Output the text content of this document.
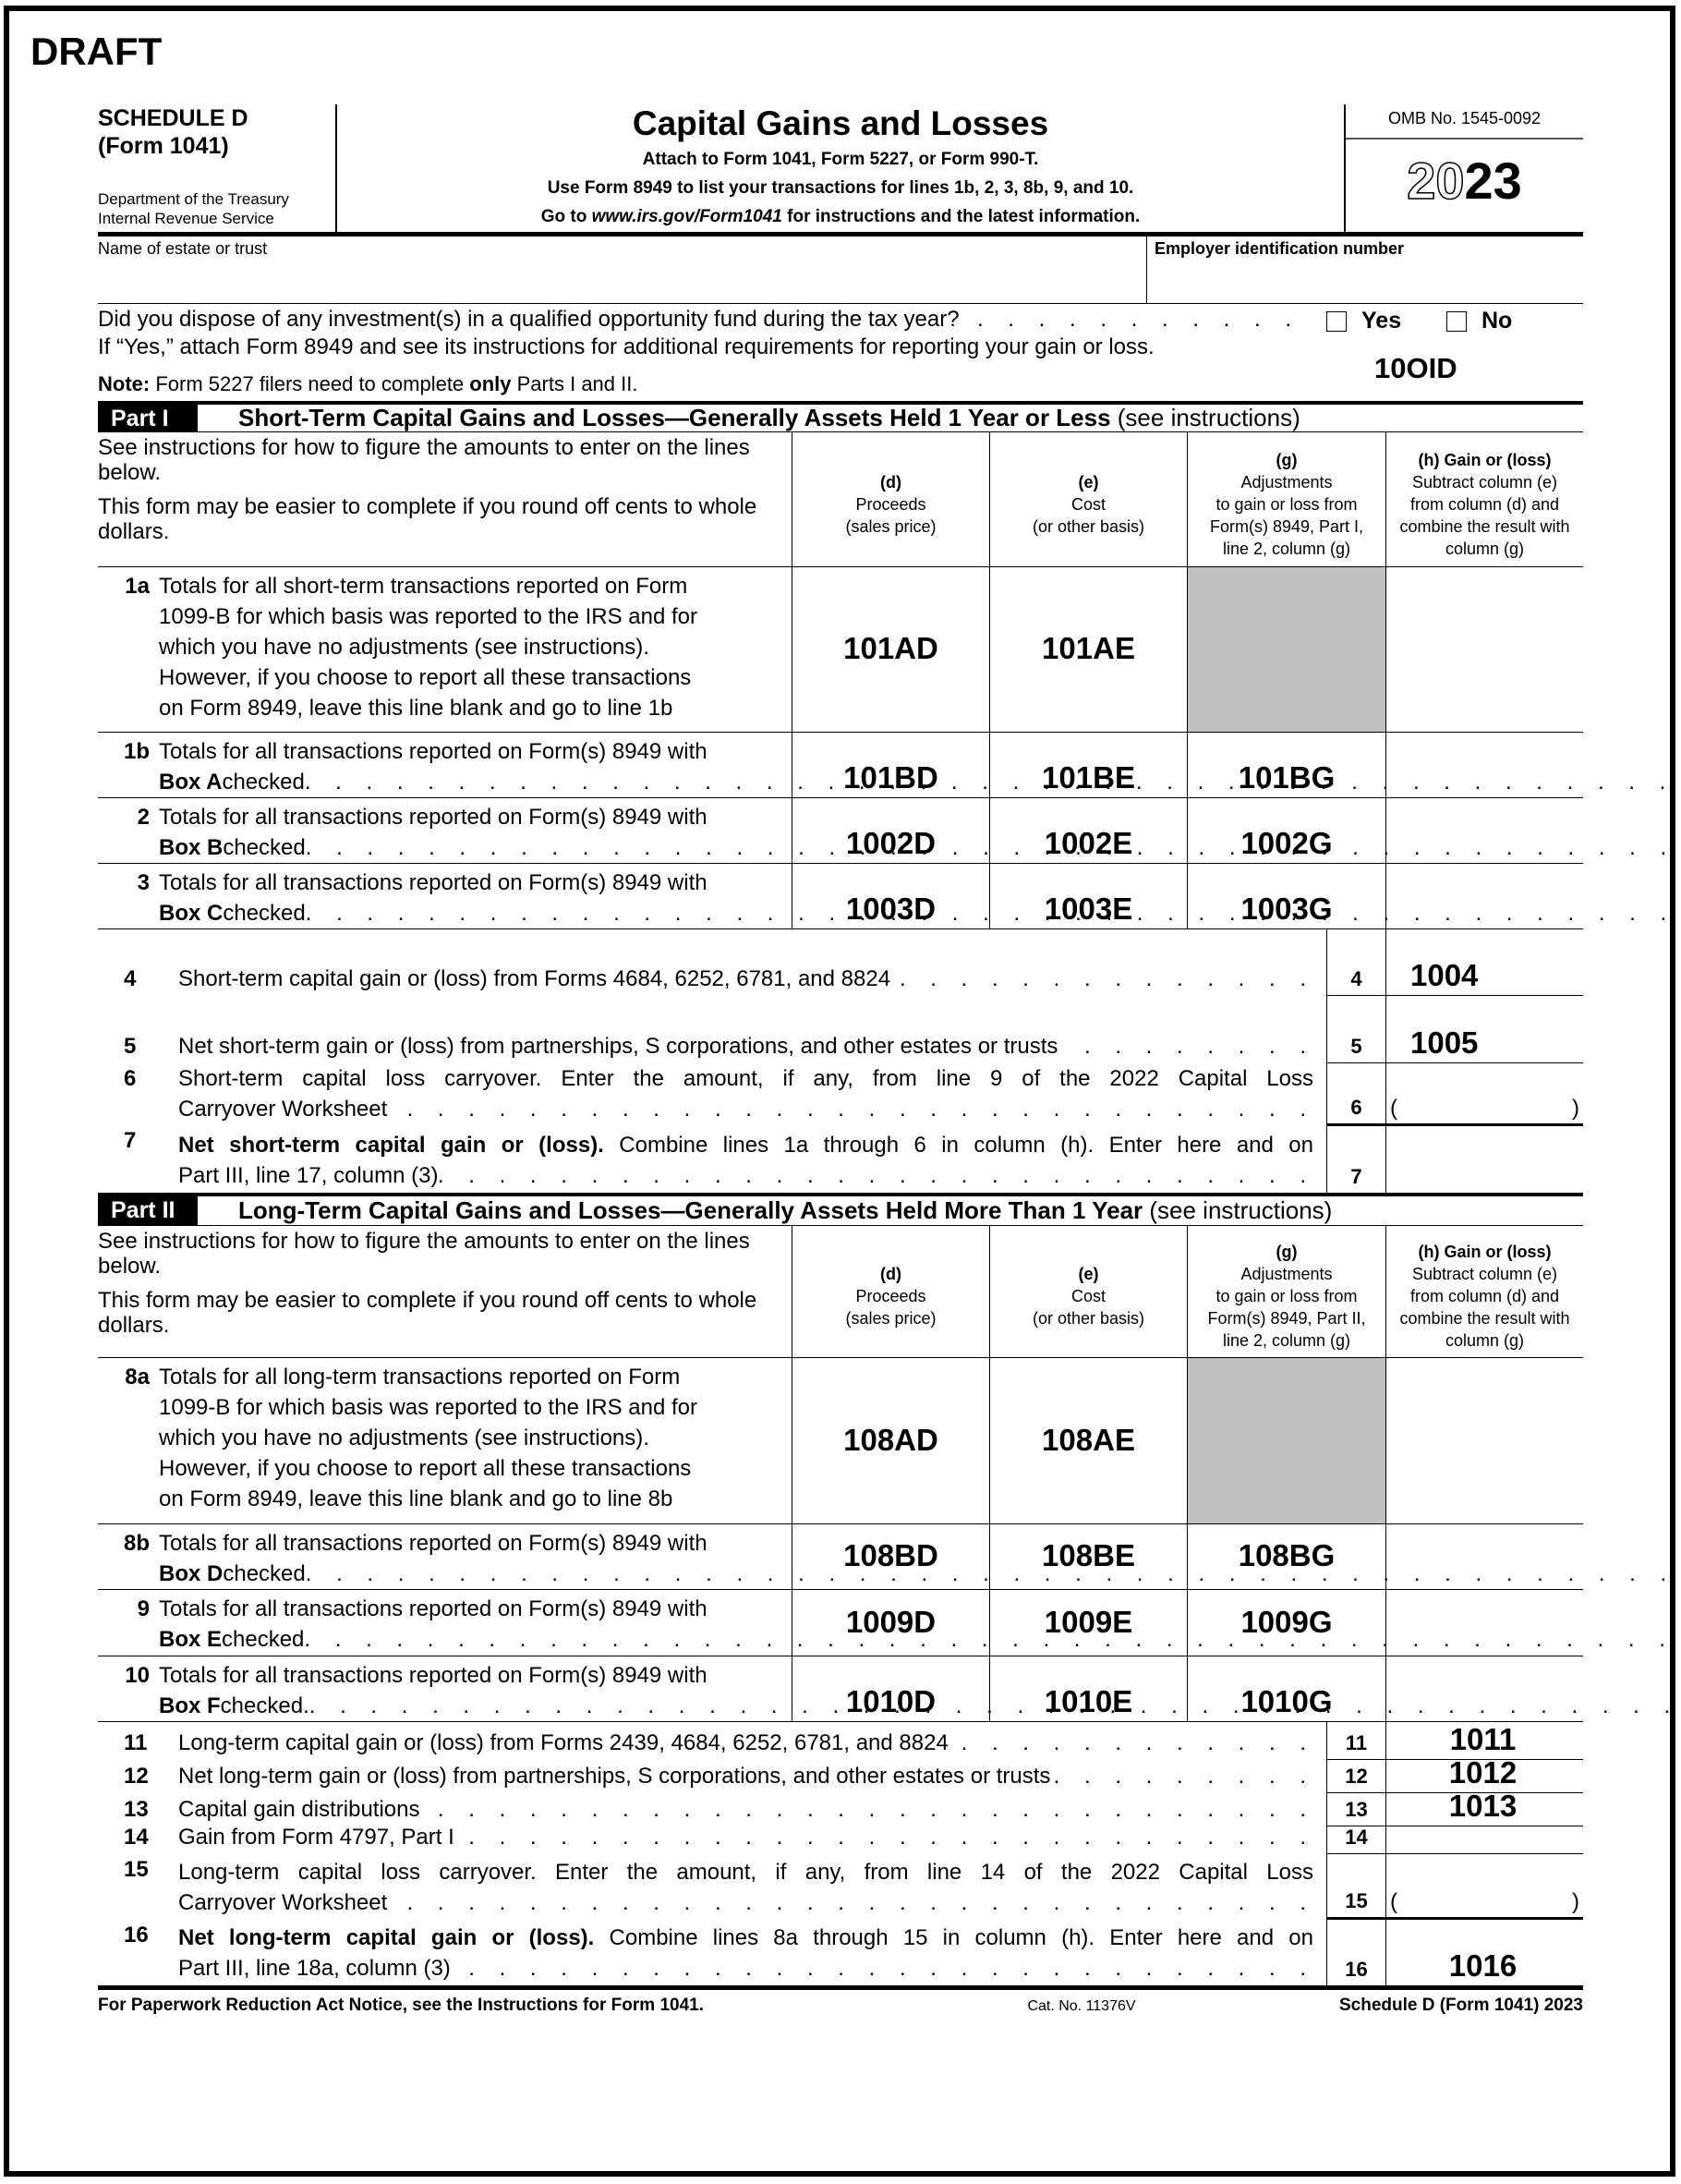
DRAFT
SCHEDULE D
(Form 1041)
Department of the Treasury
Internal Revenue Service
Capital Gains and Losses
Attach to Form 1041, Form 5227, or Form 990-T.
Use Form 8949 to list your transactions for lines 1b, 2, 3, 8b, 9, and 10.
Go to www.irs.gov/Form1041 for instructions and the latest information.
OMB No. 1545-0092
2023
Name of estate or trust	Employer identification number
Did you dispose of any investment(s) in a qualified opportunity fund during the tax year?
. . .
If “Yes,” attach Form 8949 and see its instructions for additional requirements for reporting your gain or loss.
Yes	No
10OID
Note: Form 5227 filers need to complete only Parts I and II.
Part I	Short-Term Capital Gains and Losses—Generally Assets Held 1 Year or Less (see instructions)

See instructions for how to figure the amounts to enter on the lines below.

This form may be easier to complete if you round off cents to whole dollars.

(d)
Proceeds
(sales price)
(e)
Cost
(or other basis)
(g)
Adjustments
to gain or loss from
Form(s) 8949, Part I,
line 2, column (g)
(h) Gain or (loss)
Subtract column (e)
from column (d) and
combine the result with
column (g)
1a Totals for all short-term transactions reported on Form
1099-B for which basis was reported to the IRS and for
which you have no adjustments (see instructions).
However, if you choose to report all these transactions
on Form 8949, leave this line blank and go to line 1b
101AD	101AE
1b Totals for all transactions reported on Form(s) 8949 with
Box A checked . . .	101BD	101BE	101BG
2 Totals for all transactions reported on Form(s) 8949 with
Box B checked . . .	1002D	1002E	1002G
3 Totals for all transactions reported on Form(s) 8949 with
Box C checked . . .	1003D	1003E	1003G
4	Short-term capital gain or (loss) from Forms 4684, 6252, 6781, and 8824 . . .	4	1004
5	Net short-term gain or (loss) from partnerships, S corporations, and other estates or trusts . . .	5	1005
6	Short-term capital loss carryover. Enter the amount, if any, from line 9 of the 2022 Capital Loss
Carryover Worksheet . . .	6	(	)
7	Net short-term capital gain or (loss). Combine lines 1a through 6 in column (h). Enter here and on
Part III, line 17, column (3) . . .	7
Part II	Long-Term Capital Gains and Losses—Generally Assets Held More Than 1 Year (see instructions)

See instructions for how to figure the amounts to enter on the lines below.

This form may be easier to complete if you round off cents to whole dollars.

(d)
Proceeds
(sales price)
(e)
Cost
(or other basis)
(g)
Adjustments
to gain or loss from
Form(s) 8949, Part II,
line 2, column (g)
(h) Gain or (loss)
Subtract column (e)
from column (d) and
combine the result with
column (g)
8a Totals for all long-term transactions reported on Form
1099-B for which basis was reported to the IRS and for
which you have no adjustments (see instructions).
However, if you choose to report all these transactions
on Form 8949, leave this line blank and go to line 8b
108AD	108AE
8b Totals for all transactions reported on Form(s) 8949 with
Box D checked
. . .
108BD	108BE	108BG
9 Totals for all transactions reported on Form(s) 8949 with
Box E checked
. . .
1009D	1009E	1009G
10 Totals for all transactions reported on Form(s) 8949 with
Box F checked. . . .	1010D	1010E	1010G
11	Long-term capital gain or (loss) from Forms 2439, 4684, 6252, 6781, and 8824 . . .	11	1011
12	Net long-term gain or (loss) from partnerships, S corporations, and other estates or trusts . . .	12	1012
13	Capital gain distributions . . .	13	1013
14	Gain from Form 4797, Part I . . .	14
15	Long-term capital loss carryover. Enter the amount, if any, from line 14 of the 2022 Capital Loss
Carryover Worksheet . . .	15	(	)
16	Net long-term capital gain or (loss). Combine lines 8a through 15 in column (h). Enter here and on
Part III, line 18a, column (3) . . .	16	1016
For Paperwork Reduction Act Notice, see the Instructions for Form 1041.	Cat. No. 11376V	Schedule D (Form 1041) 2023
